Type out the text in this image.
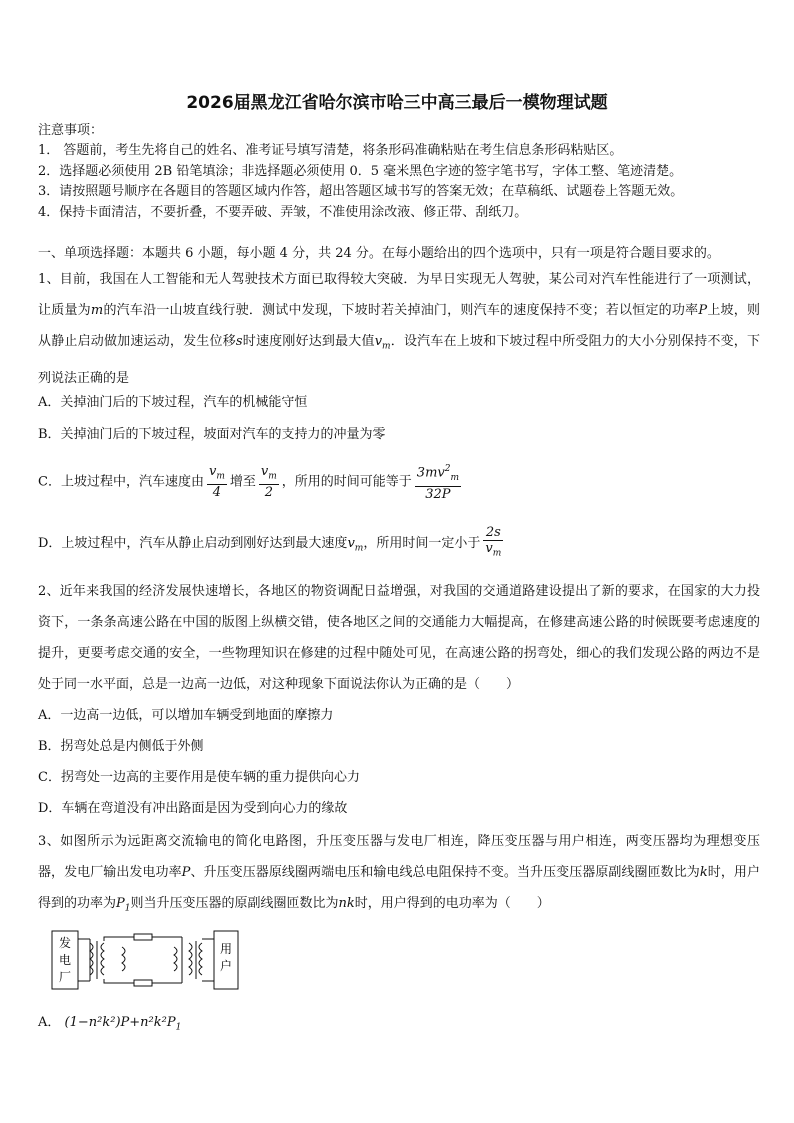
2026届黑龙江省哈尔滨市哈三中高三最后一模物理试题
注意事项：
1． 答题前，考生先将自己的姓名、准考证号填写清楚，将条形码准确粘贴在考生信息条形码粘贴区。
2．选择题必须使用 2B 铅笔填涂；非选择题必须使用 0．5 毫米黑色字迹的签字笔书写，字体工整、笔迹清楚。
3．请按照题号顺序在各题目的答题区域内作答，超出答题区域书写的答案无效；在草稿纸、试题卷上答题无效。
4．保持卡面清洁，不要折叠，不要弄破、弄皱，不准使用涂改液、修正带、刮纸刀。
一、单项选择题：本题共 6 小题，每小题 4 分，共 24 分。在每小题给出的四个选项中，只有一项是符合题目要求的。
1、目前，我国在人工智能和无人驾驶技术方面已取得较大突破．为早日实现无人驾驶，某公司对汽车性能进行了一项测试，让质量为m的汽车沿一山坡直线行驶．测试中发现，下坡时若关掉油门，则汽车的速度保持不变；若以恒定的功率P上坡，则从静止启动做加速运动，发生位移s时速度刚好达到最大值$v_m$．设汽车在上坡和下坡过程中所受阻力的大小分别保持不变，下列说法正确的是
A．关掉油门后的下坡过程，汽车的机械能守恒
B．关掉油门后的下坡过程，坡面对汽车的支持力的冲量为零
C．上坡过程中，汽车速度由 $\frac{v_m}{4}$ 增至 $\frac{v_m}{2}$ ，所用的时间可能等于 $\frac{3mv^2_m}{32P}$
D．上坡过程中，汽车从静止启动到刚好达到最大速度$v_m$，所用时间一定小于 $\frac{2s}{v_m}$
2、近年来我国的经济发展快速增长，各地区的物资调配日益增强，对我国的交通道路建设提出了新的要求，在国家的大力投资下，一条条高速公路在中国的版图上纵横交错，使各地区之间的交通能力大幅提高，在修建高速公路的时候既要考虑速度的提升，更要考虑交通的安全，一些物理知识在修建的过程中随处可见，在高速公路的拐弯处，细心的我们发现公路的两边不是处于同一水平面，总是一边高一边低，对这种现象下面说法你认为正确的是（　　）
A．一边高一边低，可以增加车辆受到地面的摩擦力
B．拐弯处总是内侧低于外侧
C．拐弯处一边高的主要作用是使车辆的重力提供向心力
D．车辆在弯道没有冲出路面是因为受到向心力的缘故
3、如图所示为远距离交流输电的简化电路图，升压变压器与发电厂相连，降压变压器与用户相连，两变压器均为理想变压器，发电厂输出发电功率P、升压变压器原线圈两端电压和输电线总电阻保持不变。当升压变压器原副线圈匝数比为k时，用户得到的功率为$P_1$则当升压变压器的原副线圈匝数比为nk时，用户得到的电功率为（　　）
发
电
厂
用
户
A． $(1-n^2k^2)P+n^2k^2P_1$
